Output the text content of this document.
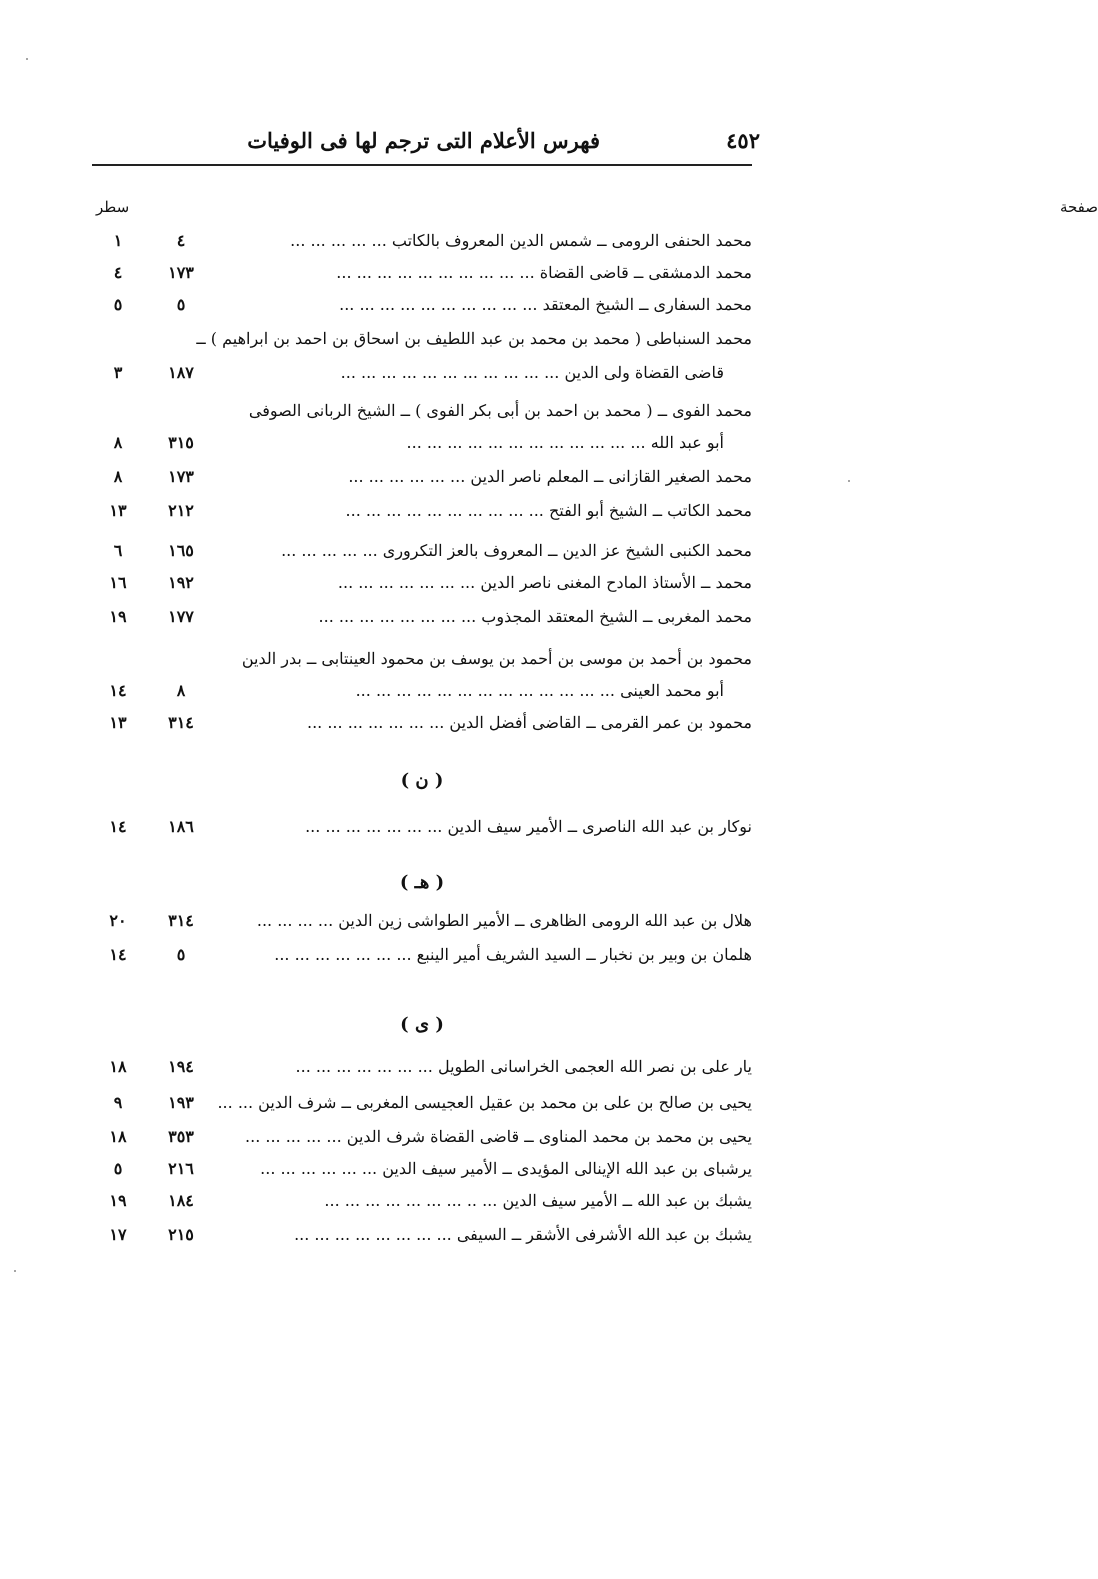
فهرس الأعلام التى ترجم لها فى الوفيات	٤٥٢
سطر	صفحة
محمد الحنفى الرومى ــ شمس الدين المعروف بالكاتب ... ... ... ... ...
٤
١
محمد الدمشقى ــ قاضى القضاة ... ... ... ... ... ... ... ... ... ...
١٧٣
٤
محمد السفارى ــ الشيخ المعتقد ... ... ... ... ... ... ... ... ... ...
٥
٥
محمد السنباطى ( محمد بن محمد بن عبد اللطيف بن اسحاق بن احمد بن ابراهيم ) ــ
قاضى القضاة ولى الدين ... ... ... ... ... ... ... ... ... ... ...
١٨٧
٣
محمد الفوى ــ ( محمد بن احمد بن أبى بكر الفوى ) ــ الشيخ الربانى الصوفى
أبو عبد الله ... ... ... ... ... ... ... ... ... ... ... ...
٣١٥
٨
محمد الصغير القازانى ــ المعلم ناصر الدين ... ... ... ... ... ...
١٧٣
٨
محمد الكاتب ــ الشيخ أبو الفتح ... ... ... ... ... ... ... ... ... ...
٢١٢
١٣
محمد الكنبى الشيخ عز الدين ــ المعروف بالعز التكرورى ... ... ... ... ...
١٦٥
٦
محمد ــ الأستاذ المادح المغنى ناصر الدين ... ... ... ... ... ... ...
١٩٢
١٦
محمد المغربى ــ الشيخ المعتقد المجذوب ... ... ... ... ... ... ... ...
١٧٧
١٩
محمود بن أحمد بن موسى بن أحمد بن يوسف بن محمود العينتابى ــ بدر الدين
أبو محمد العينى ... ... ... ... ... ... ... ... ... ... ... ... ...
٨
١٤
محمود بن عمر القرمى ــ القاضى أفضل الدين ... ... ... ... ... ... ...
٣١٤
١٣
( ن )
نوكار بن عبد الله الناصرى ــ الأمير سيف الدين ... ... ... ... ... ... ...
١٨٦
١٤
( هـ )
هلال بن عبد الله الرومى الظاهرى ــ الأمير الطواشى زين الدين ... ... ... ...
٣١٤
٢٠
هلمان بن وبير بن نخبار ــ السيد الشريف أمير الينبع ... ... ... ... ... ... ...
٥
١٤
( ى )
يار على بن نصر الله العجمى الخراسانى الطويل ... ... ... ... ... ... ...
١٩٤
١٨
يحيى بن صالح بن على بن محمد بن عقيل العجيسى المغربى ــ شرف الدين ... ...
١٩٣
٩
يحيى بن محمد بن محمد المناوى ــ قاضى القضاة شرف الدين ... ... ... ... ...
٣٥٣
١٨
يرشباى بن عبد الله الإينالى المؤيدى ــ الأمير سيف الدين ... ... ... ... ... ...
٢١٦
٥
يشبك بن عبد الله ــ الأمير سيف الدين ... .. ... ... ... ... ... ... ...
١٨٤
١٩
يشبك بن عبد الله الأشرفى الأشقر ــ السيفى ... ... ... ... ... ... ... ...
٢١٥
١٧
